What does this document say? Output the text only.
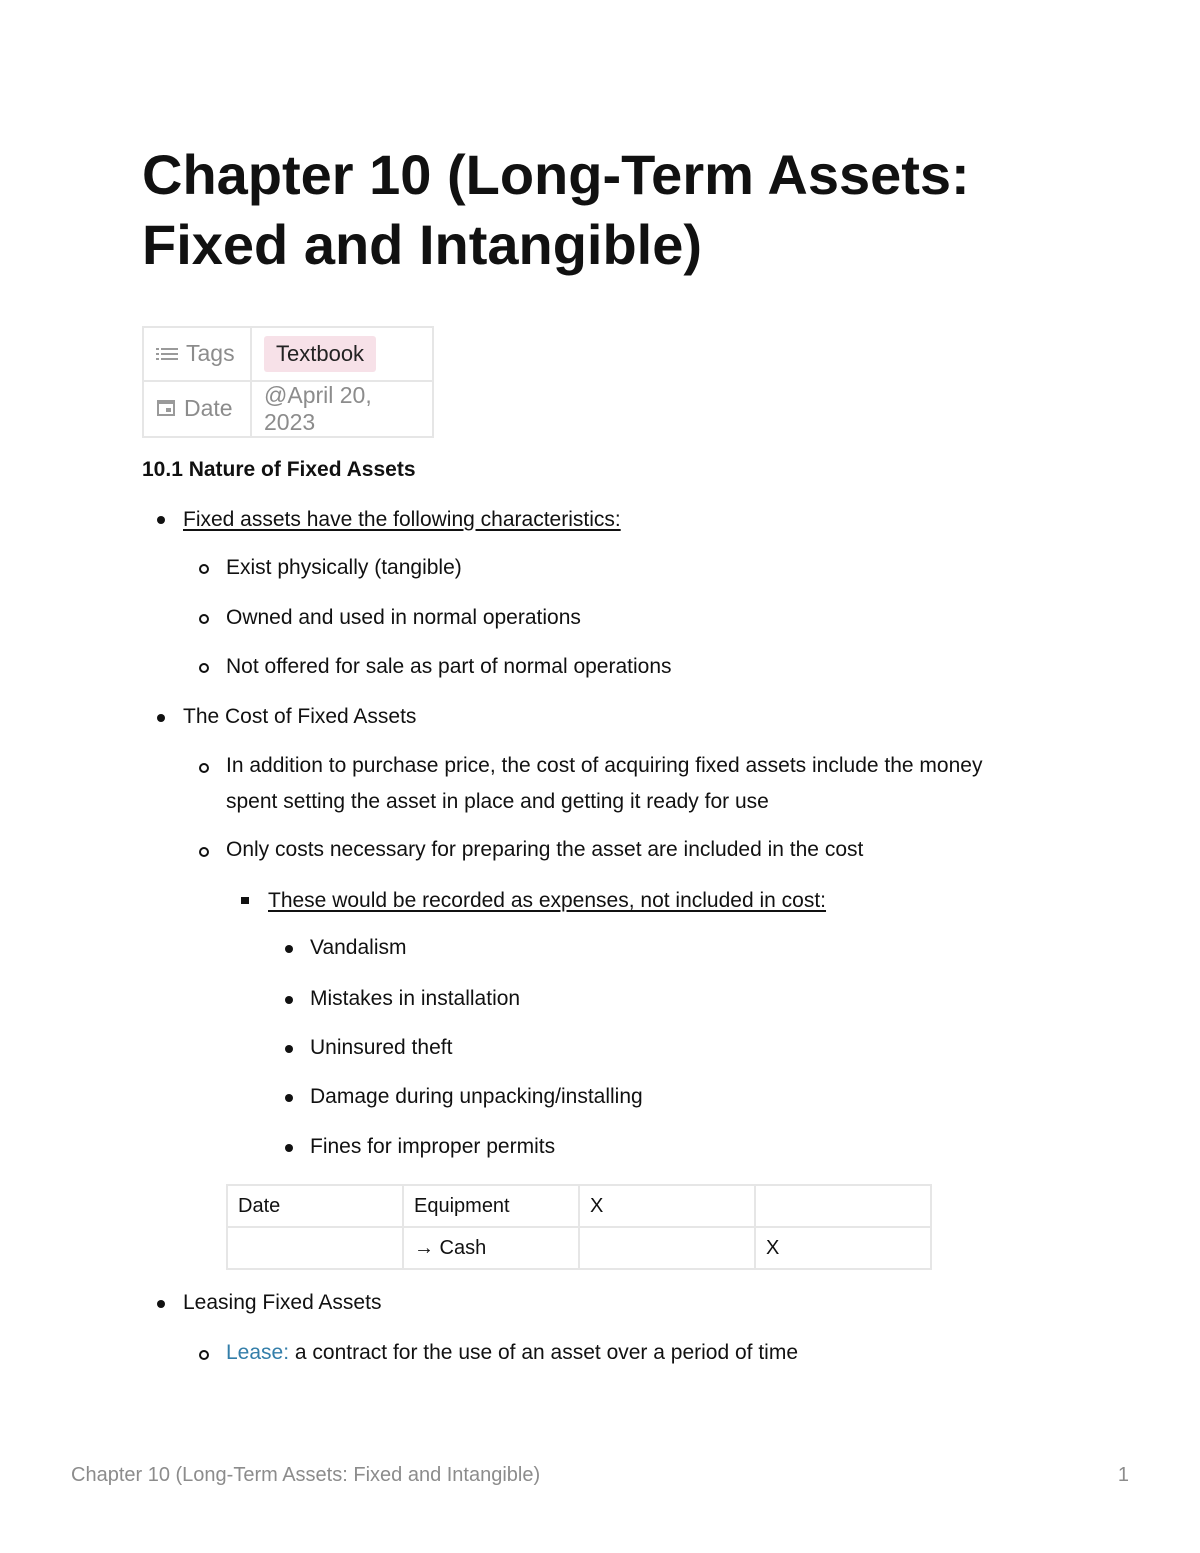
Chapter 10 (Long-Term Assets: Fixed and Intangible)
Tags	Textbook
Date	@April 20, 2023
10.1 Nature of Fixed Assets

Fixed assets have the following characteristics:

Exist physically (tangible)

Owned and used in normal operations

Not offered for sale as part of normal operations

The Cost of Fixed Assets

In addition to purchase price, the cost of acquiring fixed assets include the money spent setting the asset in place and getting it ready for use

Only costs necessary for preparing the asset are included in the cost

These would be recorded as expenses, not included in cost:

Vandalism

Mistakes in installation

Uninsured theft

Damage during unpacking/installing

Fines for improper permits

Date	Equipment	X	
	→ Cash		X

Leasing Fixed Assets

Lease: a contract for the use of an asset over a period of time

Chapter 10 (Long-Term Assets: Fixed and Intangible)	1
